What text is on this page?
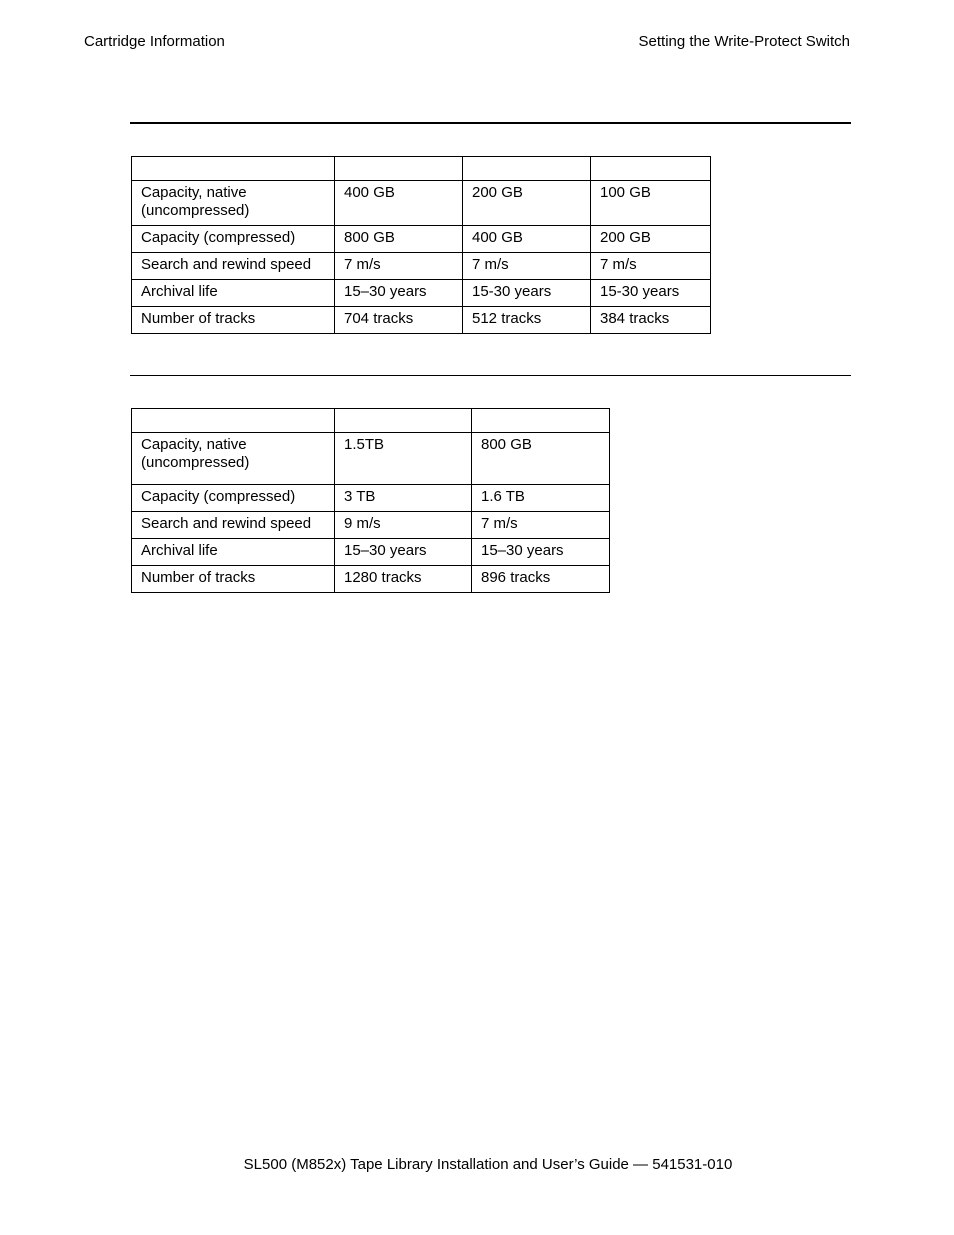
Cartridge Information	Setting the Write-Protect Switch

Capacity, native (uncompressed)	400 GB	200 GB	100 GB
Capacity (compressed)	800 GB	400 GB	200 GB
Search and rewind speed	7 m/s	7 m/s	7 m/s
Archival life	15–30 years	15-30 years	15-30 years
Number of tracks	704 tracks	512 tracks	384 tracks

Capacity, native (uncompressed)	1.5TB	800 GB
Capacity (compressed)	3 TB	1.6 TB
Search and rewind speed	9 m/s	7 m/s
Archival life	15–30 years	15–30 years
Number of tracks	1280 tracks	896 tracks
SL500 (M852x) Tape Library Installation and User’s Guide — 541531-010
